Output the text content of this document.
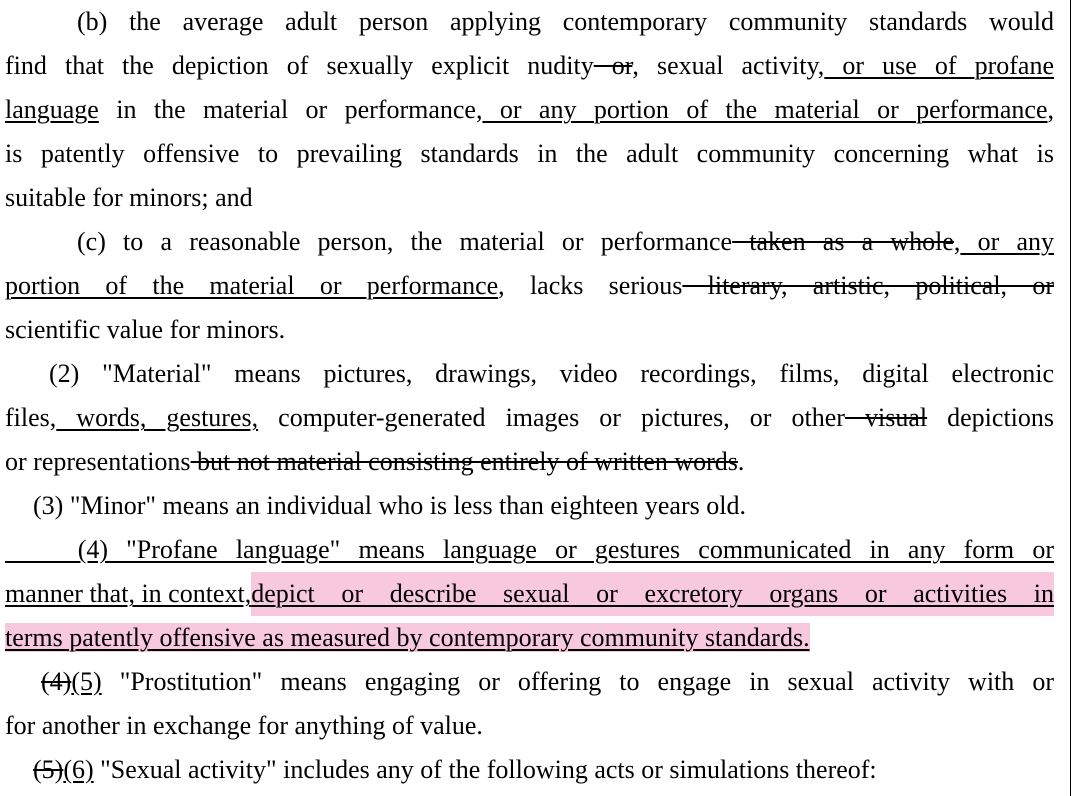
(b) the average adult person applying contemporary community standards would
find that the depiction of sexually explicit nudity or, sexual activity, or use of profane
language in the material or performance, or any portion of the material or performance,
is patently offensive to prevailing standards in the adult community concerning what is
suitable for minors; and
(c) to a reasonable person, the material or performance taken as a whole, or any
portion of the material or performance, lacks serious literary, artistic, political, or
scientific value for minors.
(2) "Material" means pictures, drawings, video recordings, films, digital electronic
files, words, gestures, computer-generated images or pictures, or other visual depictions
or representations but not material consisting entirely of written words.
(3) "Minor" means an individual who is less than eighteen years old.
(4) "Profane language" means language or gestures communicated in any form or
manner that, in context, depict or describe sexual or excretory organs or activities in
terms patently offensive as measured by contemporary community standards.
(4)(5) "Prostitution" means engaging or offering to engage in sexual activity with or
for another in exchange for anything of value.
(5)(6) "Sexual activity" includes any of the following acts or simulations thereof:
